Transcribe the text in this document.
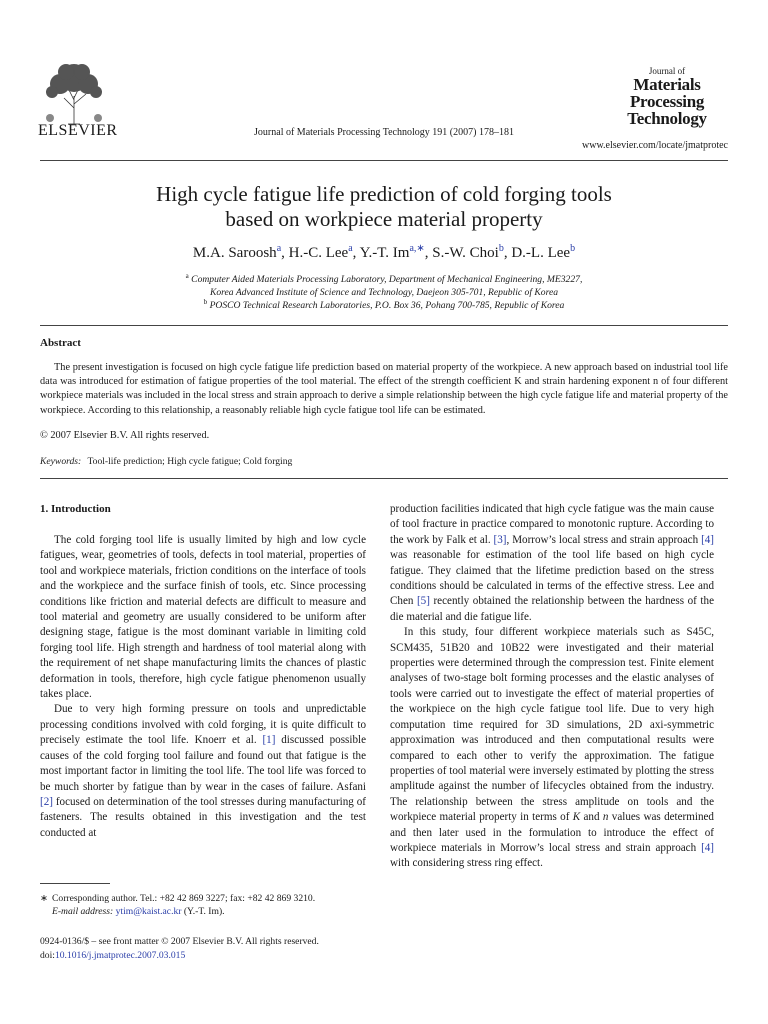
ELSEVIER	Journal of Materials Processing Technology 191 (2007) 178–181
Journal of
Materials
Processing
Technology
www.elsevier.com/locate/jmatprotec
High cycle fatigue life prediction of cold forging tools
based on workpiece material property
M.A. Saroosh$^a$, H.-C. Lee$^a$, Y.-T. $Im^{a,∗}$, S.-W. Choi$^b$, D.-L. Lee$^b$
$^a$ Computer Aided Materials Processing Laboratory, Department of Mechanical Engineering, ME3227,
Korea Advanced Institute of Science and Technology, Daejeon 305-701, Republic of Korea
$^b$ POSCO Technical Research Laboratories, P.O. Box 36, Pohang 700-785, Republic of Korea
Abstract
The present investigation is focused on high cycle fatigue life prediction based on material property of the workpiece. A new approach based on industrial tool life data was introduced for estimation of fatigue properties of the tool material. The effect of the strength coefficient K and strain hardening exponent n of four different workpiece materials was included in the local stress and strain approach to derive a simple relationship between the high cycle fatigue life and material property of the workpiece. According to this relationship, a reasonably reliable high cycle fatigue tool life can be estimated.
© 2007 Elsevier B.V. All rights reserved.
Keywords: Tool-life prediction; High cycle fatigue; Cold forging
1. Introduction

The cold forging tool life is usually limited by high and low cycle fatigues, wear, geometries of tools, defects in tool material, properties of tool and workpiece materials, friction conditions on the interface of tools and the workpiece and the surface finish of tools, etc. Since processing conditions like friction and material defects are difficult to measure and tool material and geometry are usually considered to be uniform after designing stage, fatigue is the most dominant variable in limiting cold forging tool life. High strength and hardness of tool material along with the requirement of net shape manufacturing limits the chances of plastic deformation in tools, therefore, high cycle fatigue phenomenon usually takes place.

Due to very high forming pressure on tools and unpredictable processing conditions involved with cold forging, it is quite difficult to precisely estimate the tool life. Knoerr et al. [1] discussed possible causes of the cold forging tool failure and found out that fatigue is the most important factor in limiting the tool life. The tool life was forced to be much shorter by fatigue than by wear in the cases of failure. Asfani [2] focused on determination of the tool stresses during manufacturing of fasteners. The results obtained in this investigation and the test conducted at

production facilities indicated that high cycle fatigue was the main cause of tool fracture in practice compared to monotonic rupture. According to the work by Falk et al. [3], Morrow’s local stress and strain approach [4] was reasonable for estimation of the tool life based on high cycle fatigue. They claimed that the lifetime prediction based on the stress conditions should be calculated in terms of the effective stress. Lee and Chen [5] recently obtained the relationship between the hardness of the die material and die fatigue life.

In this study, four different workpiece materials such as S45C, SCM435, 51B20 and 10B22 were investigated and their material properties were determined through the compression test. Finite element analyses of two-stage bolt forming processes and the elastic analyses of tools were carried out to investigate the effect of material properties of the workpiece on the high cycle fatigue tool life. Due to very high computation time required for 3D simulations, 2D axi-symmetric approximation was introduced and then computational results were compared to each other to verify the approximation. The fatigue properties of tool material were inversely estimated by plotting the stress amplitude against the number of lifecycles obtained from the industry. The relationship between the stress amplitude on tools and the workpiece material property in terms of K and n values was determined and then later used in the formulation to introduce the effect of workpiece materials in Morrow’s local stress and strain approach [4] with considering stress ring effect.

∗ Corresponding author. Tel.: +82 42 869 3227; fax: +82 42 869 3210.
E-mail address: ytim@kaist.ac.kr (Y.-T. Im).
0924-0136/$ – see front matter © 2007 Elsevier B.V. All rights reserved.
doi:10.1016/j.jmatprotec.2007.03.015
